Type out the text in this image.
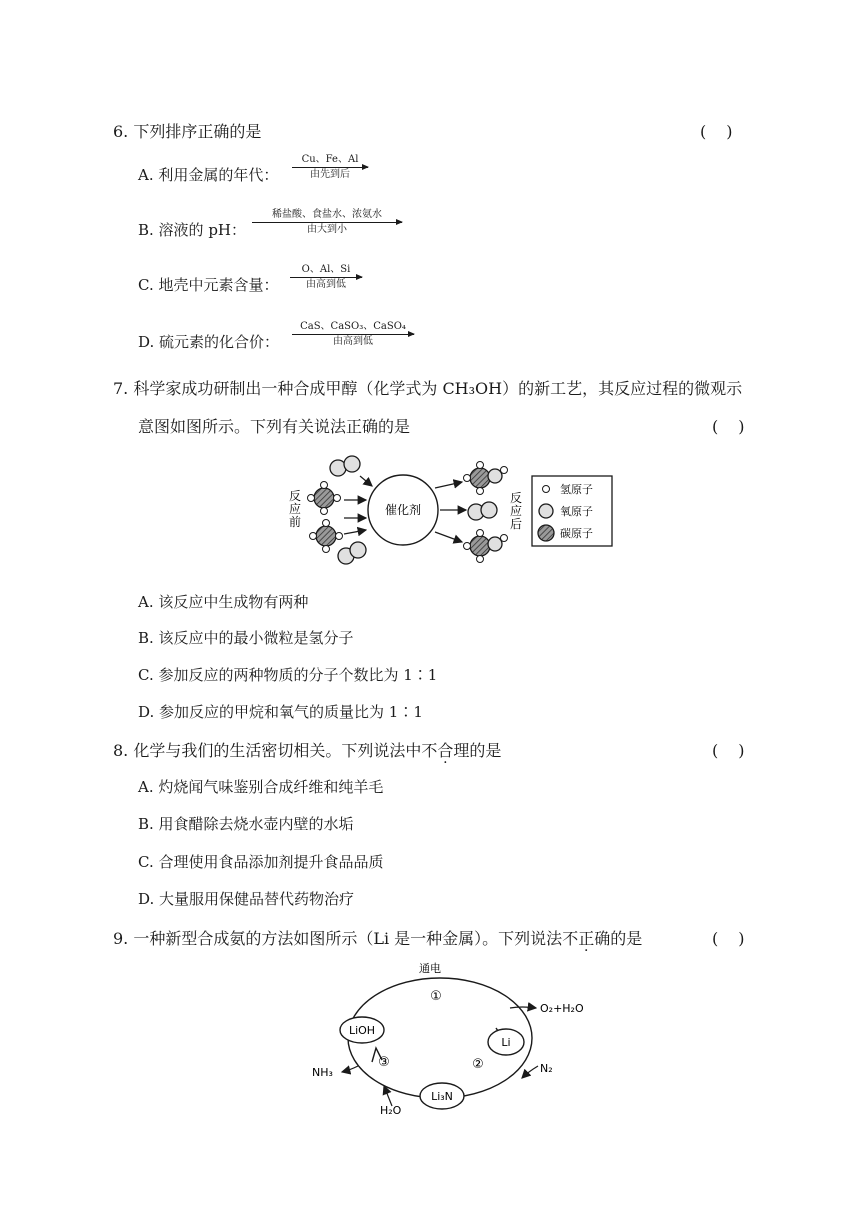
6. 下列排序正确的是	(　)
A. 利用金属的年代：
Cu、Fe、Al
由先到后
B. 溶液的 pH：
稀盐酸、食盐水、浓氨水
由大到小
C. 地壳中元素含量：
O、Al、Si
由高到低
D. 硫元素的化合价：
CaS、CaSO₃、CaSO₄
由高到低
7. 科学家成功研制出一种合成甲醇（化学式为 CH₃OH）的新工艺，其反应过程的微观示
意图如图所示。下列有关说法正确的是	(　)
催化剂
氢原子
氧原子
碳原子
反
应
前
反
应
后
A. 该反应中生成物有两种
B. 该反应中的最小微粒是氢分子
C. 参加反应的两种物质的分子个数比为 1∶1
D. 参加反应的甲烷和氧气的质量比为 1∶1
8. 化学与我们的生活密切相关。下列说法中不合理的是	(　)
A. 灼烧闻气味鉴别合成纤维和纯羊毛
B. 用食醋除去烧水壶内壁的水垢
C. 合理使用食品添加剂提升食品品质
D. 大量服用保健品替代药物治疗
9. 一种新型合成氨的方法如图所示（Li 是一种金属）。下列说法不正确的是	(　)
LiOH
Li
Li₃N
通电
①
②
③
O₂+H₂O
N₂
NH₃
H₂O
